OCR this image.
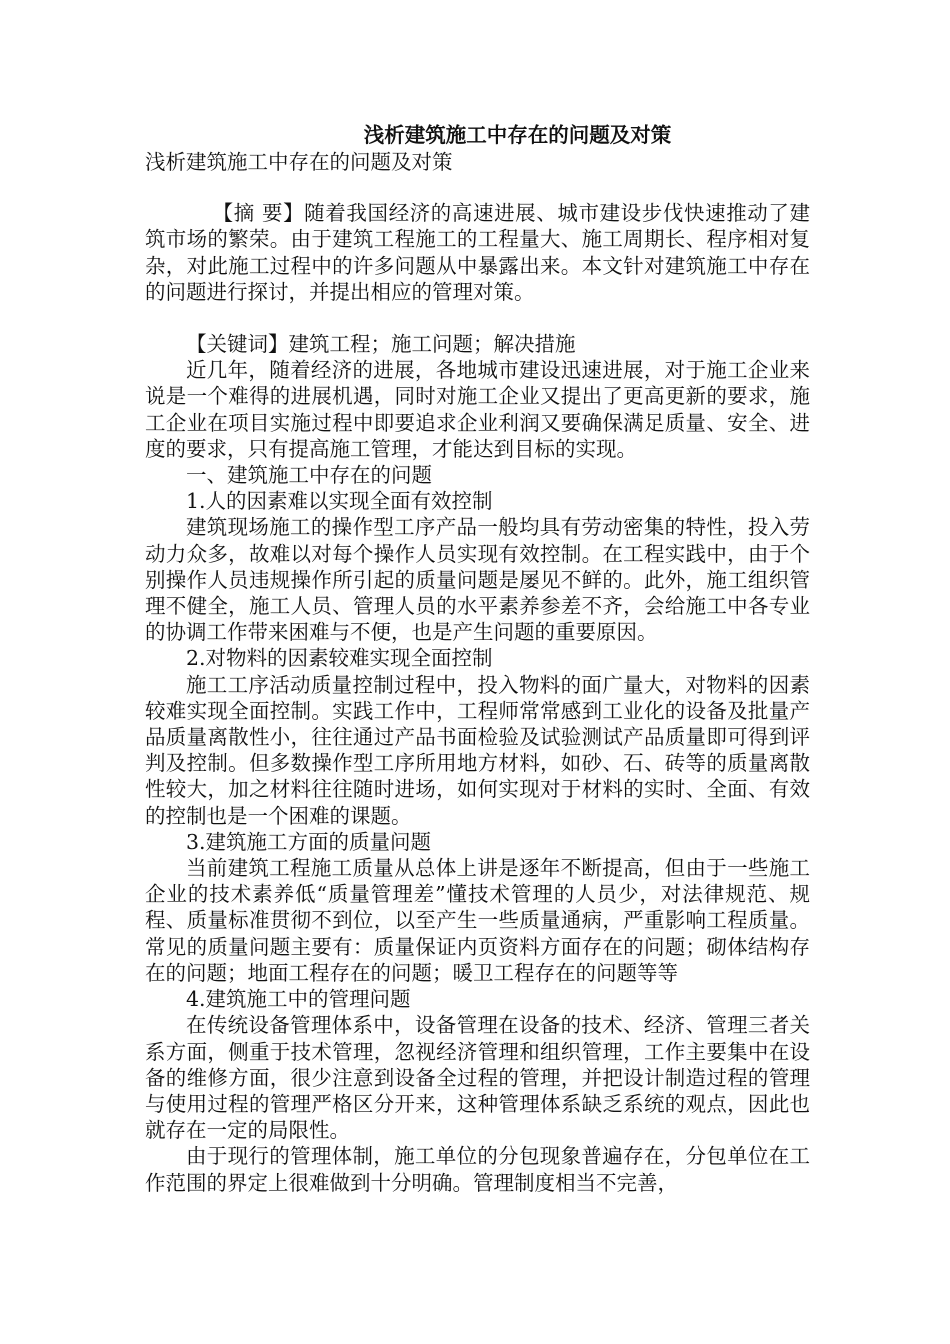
浅析建筑施工中存在的问题及对策
浅析建筑施工中存在的问题及对策
【摘 要】随着我国经济的高速进展、城市建设步伐快速推动了建筑市场的繁荣。由于建筑工程施工的工程量大、施工周期长、程序相对复杂，对此施工过程中的许多问题从中暴露出来。本文针对建筑施工中存在的问题进行探讨，并提出相应的管理对策。
【关键词】建筑工程；施工问题；解决措施
近几年，随着经济的进展，各地城市建设迅速进展，对于施工企业来说是一个难得的进展机遇，同时对施工企业又提出了更高更新的要求，施工企业在项目实施过程中即要追求企业利润又要确保满足质量、安全、进度的要求，只有提高施工管理，才能达到目标的实现。
一、建筑施工中存在的问题
1.人的因素难以实现全面有效控制
建筑现场施工的操作型工序产品一般均具有劳动密集的特性，投入劳动力众多，故难以对每个操作人员实现有效控制。在工程实践中，由于个别操作人员违规操作所引起的质量问题是屡见不鲜的。此外，施工组织管理不健全，施工人员、管理人员的水平素养参差不齐，会给施工中各专业的协调工作带来困难与不便，也是产生问题的重要原因。
2.对物料的因素较难实现全面控制
施工工序活动质量控制过程中，投入物料的面广量大，对物料的因素较难实现全面控制。实践工作中，工程师常常感到工业化的设备及批量产品质量离散性小，往往通过产品书面检验及试验测试产品质量即可得到评判及控制。但多数操作型工序所用地方材料，如砂、石、砖等的质量离散性较大，加之材料往往随时进场，如何实现对于材料的实时、全面、有效的控制也是一个困难的课题。
3.建筑施工方面的质量问题
当前建筑工程施工质量从总体上讲是逐年不断提高，但由于一些施工企业的技术素养低“质量管理差”懂技术管理的人员少，对法律规范、规程、质量标准贯彻不到位，以至产生一些质量通病，严重影响工程质量。常见的质量问题主要有：质量保证内页资料方面存在的问题；砌体结构存在的问题；地面工程存在的问题；暖卫工程存在的问题等等
4.建筑施工中的管理问题
在传统设备管理体系中，设备管理在设备的技术、经济、管理三者关系方面，侧重于技术管理，忽视经济管理和组织管理，工作主要集中在设备的维修方面，很少注意到设备全过程的管理，并把设计制造过程的管理与使用过程的管理严格区分开来，这种管理体系缺乏系统的观点，因此也就存在一定的局限性。
由于现行的管理体制，施工单位的分包现象普遍存在，分包单位在工作范围的界定上很难做到十分明确。管理制度相当不完善，
